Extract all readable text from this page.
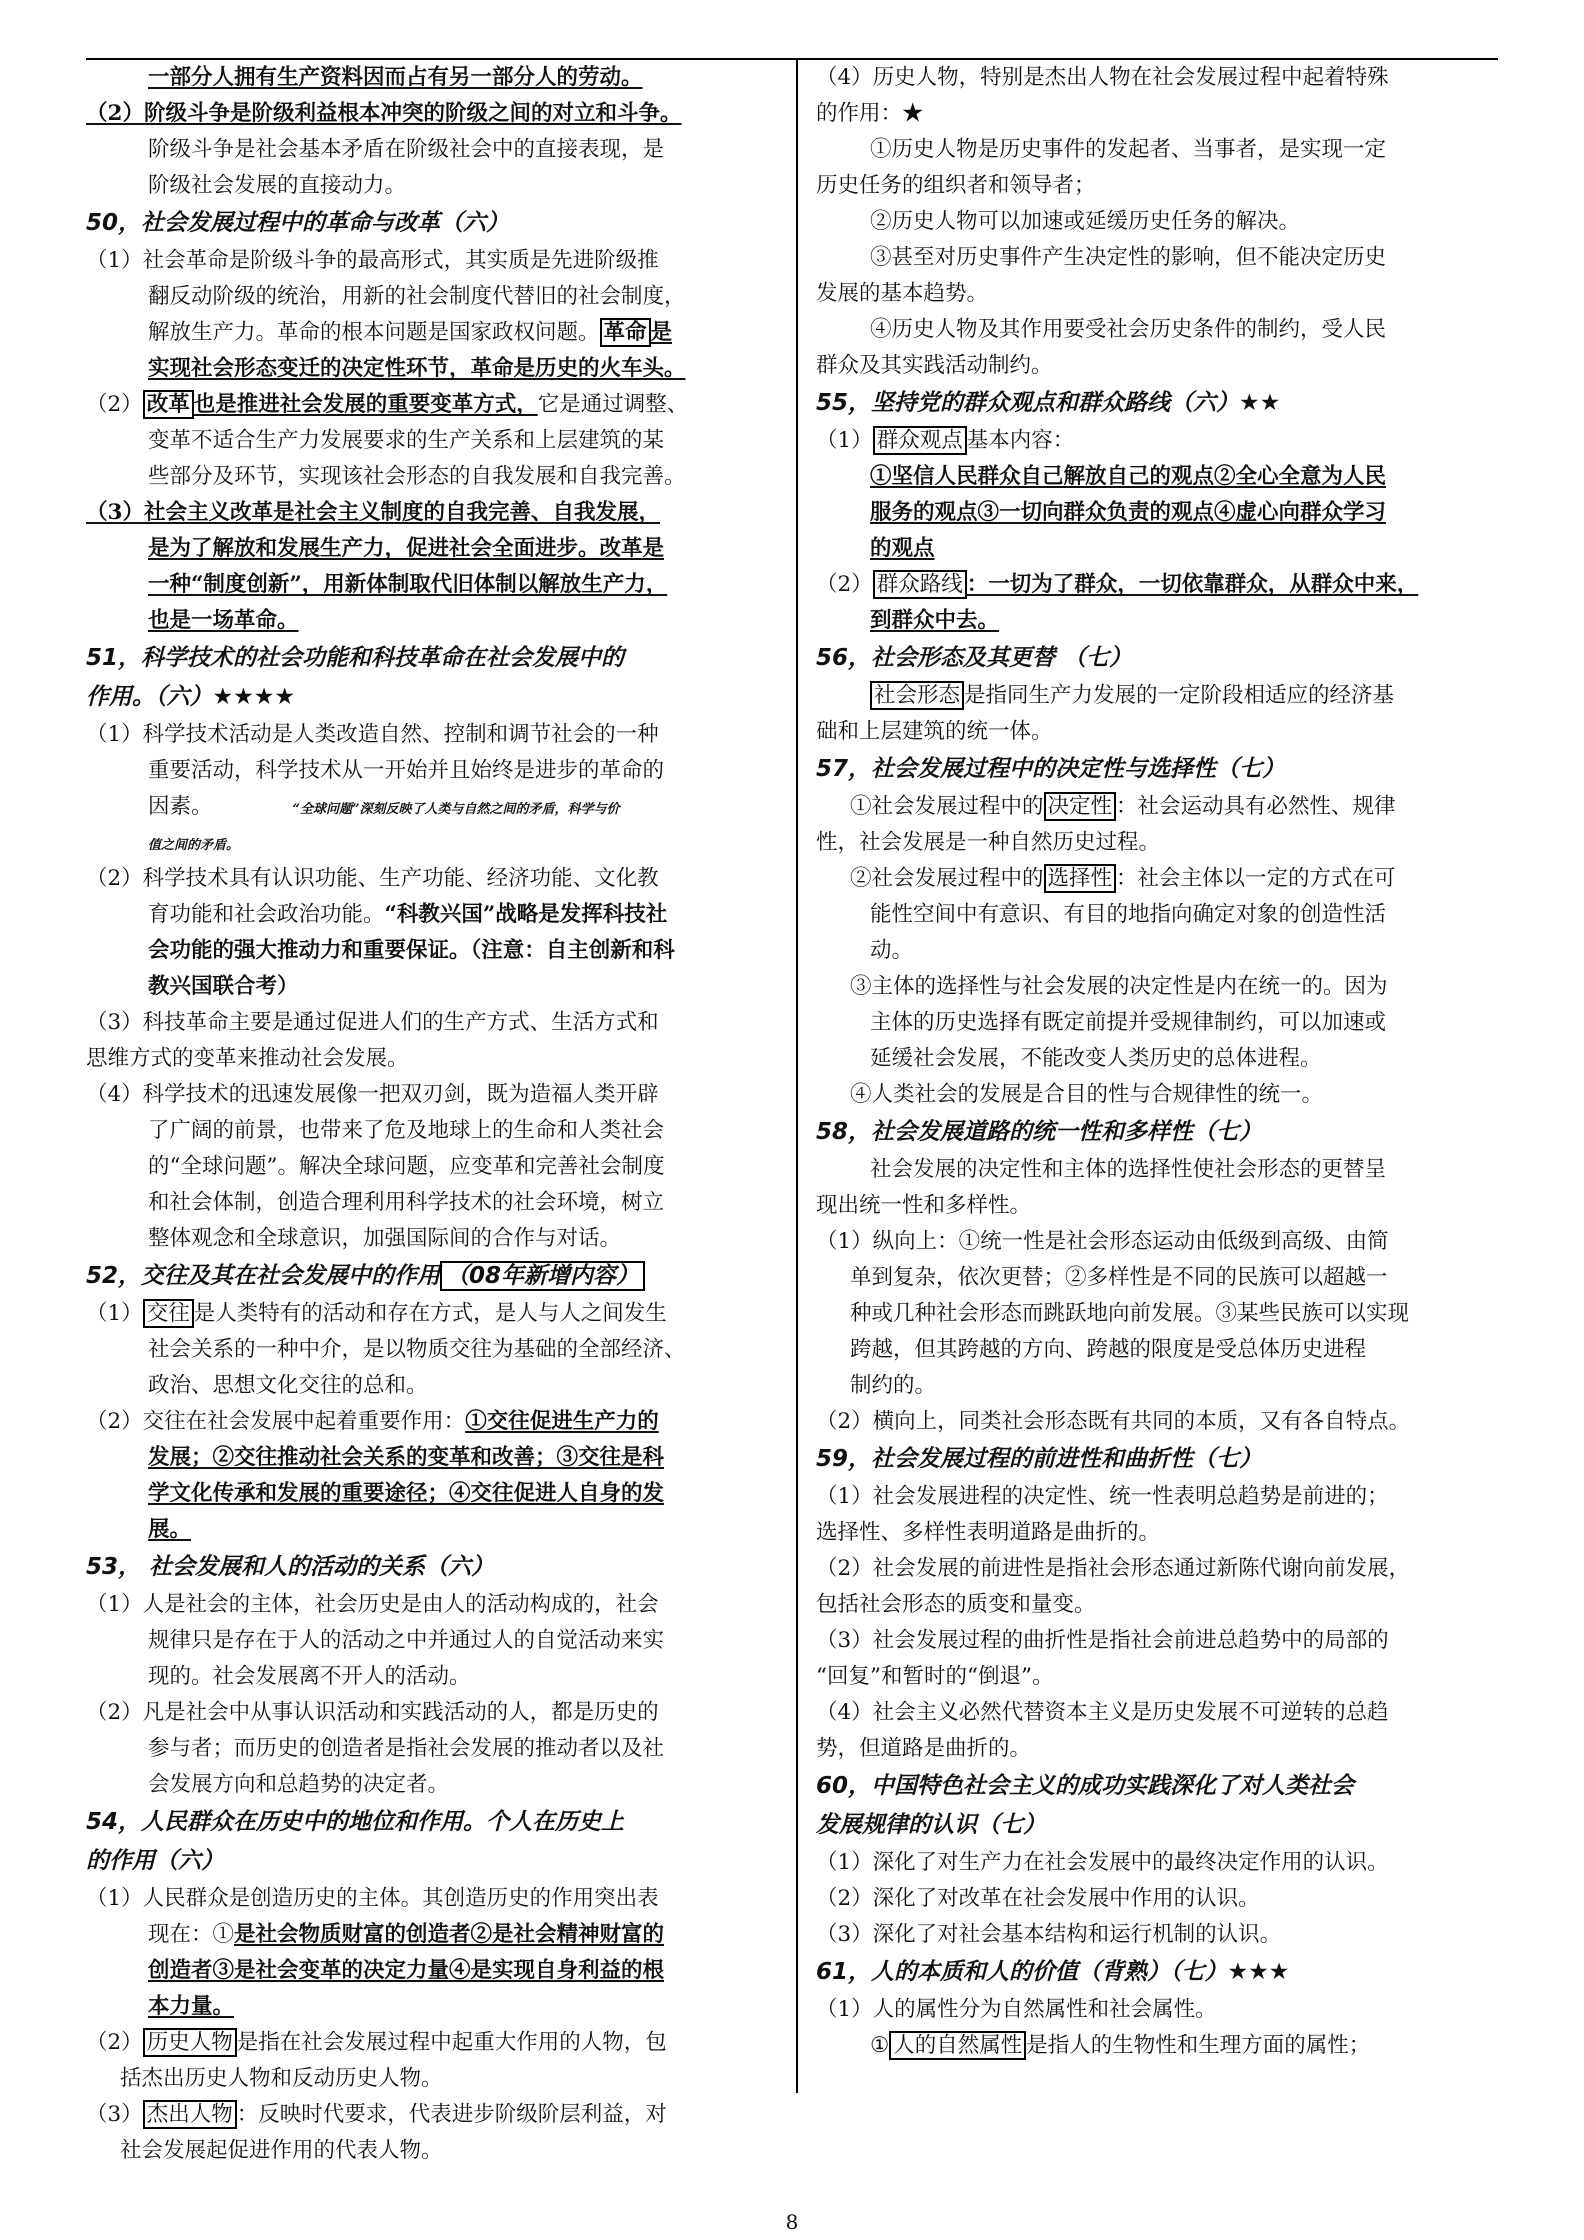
一部分人拥有生产资料因而占有另一部分人的劳动。
（2）阶级斗争是阶级利益根本冲突的阶级之间的对立和斗争。
阶级斗争是社会基本矛盾在阶级社会中的直接表现，是
阶级社会发展的直接动力。
50，社会发展过程中的革命与改革（六）
（1）社会革命是阶级斗争的最高形式，其实质是先进阶级推
翻反动阶级的统治，用新的社会制度代替旧的社会制度，
解放生产力。革命的根本问题是国家政权问题。 革命 是
实现社会形态变迁的决定性环节，革命是历史的火车头。
（2） 改革 也是推进社会发展的重要变革方式，它是通过调整、
变革不适合生产力发展要求的生产关系和上层建筑的某
些部分及环节，实现该社会形态的自我发展和自我完善。
（3）社会主义改革是社会主义制度的自我完善、自我发展，
是为了解放和发展生产力，促进社会全面进步。改革是
一种“制度创新”，用新体制取代旧体制以解放生产力，
也是一场革命。
51，科学技术的社会功能和科技革命在社会发展中的
作用。（六）★★★★
（1）科学技术活动是人类改造自然、控制和调节社会的一种
重要活动，科学技术从一开始并且始终是进步的革命的
因素。	“全球问题”深刻反映了人类与自然之间的矛盾，科学与价
值之间的矛盾。
（2）科学技术具有认识功能、生产功能、经济功能、文化教
育功能和社会政治功能。“科教兴国”战略是发挥科技社
会功能的强大推动力和重要保证。（注意：自主创新和科
教兴国联合考）
（3）科技革命主要是通过促进人们的生产方式、生活方式和
思维方式的变革来推动社会发展。
（4）科学技术的迅速发展像一把双刃剑，既为造福人类开辟
了广阔的前景，也带来了危及地球上的生命和人类社会
的“全球问题”。解决全球问题，应变革和完善社会制度
和社会体制，创造合理利用科学技术的社会环境，树立
整体观念和全球意识，加强国际间的合作与对话。
52，交往及其在社会发展中的作用 （08年新增内容）
（1） 交往 是人类特有的活动和存在方式，是人与人之间发生
社会关系的一种中介，是以物质交往为基础的全部经济、
政治、思想文化交往的总和。
（2）交往在社会发展中起着重要作用：①交往促进生产力的
发展；②交往推动社会关系的变革和改善；③交往是科
学文化传承和发展的重要途径；④交往促进人自身的发
展。
53， 社会发展和人的活动的关系（六）
（1）人是社会的主体，社会历史是由人的活动构成的，社会
规律只是存在于人的活动之中并通过人的自觉活动来实
现的。社会发展离不开人的活动。
（2）凡是社会中从事认识活动和实践活动的人，都是历史的
参与者；而历史的创造者是指社会发展的推动者以及社
会发展方向和总趋势的决定者。
54，人民群众在历史中的地位和作用。个人在历史上
的作用（六）
（1）人民群众是创造历史的主体。其创造历史的作用突出表
现在：①是社会物质财富的创造者②是社会精神财富的
创造者③是社会变革的决定力量④是实现自身利益的根
本力量。
（2） 历史人物 是指在社会发展过程中起重大作用的人物，包
括杰出历史人物和反动历史人物。
（3） 杰出人物 ：反映时代要求，代表进步阶级阶层利益，对
社会发展起促进作用的代表人物。
（4）历史人物，特别是杰出人物在社会发展过程中起着特殊
的作用：★
①历史人物是历史事件的发起者、当事者，是实现一定
历史任务的组织者和领导者；
②历史人物可以加速或延缓历史任务的解决。
③甚至对历史事件产生决定性的影响，但不能决定历史
发展的基本趋势。
④历史人物及其作用要受社会历史条件的制约，受人民
群众及其实践活动制约。
55，坚持党的群众观点和群众路线（六）★★
（1） 群众观点 基本内容：
①坚信人民群众自己解放自己的观点②全心全意为人民
服务的观点③一切向群众负责的观点④虚心向群众学习
的观点
（2） 群众路线 ：一切为了群众，一切依靠群众，从群众中来，
到群众中去。
56，社会形态及其更替 （七）
社会形态 是指同生产力发展的一定阶段相适应的经济基
础和上层建筑的统一体。
57，社会发展过程中的决定性与选择性（七）
①社会发展过程中的 决定性 ：社会运动具有必然性、规律
性，社会发展是一种自然历史过程。
②社会发展过程中的 选择性 ：社会主体以一定的方式在可
能性空间中有意识、有目的地指向确定对象的创造性活
动。
③主体的选择性与社会发展的决定性是内在统一的。因为
主体的历史选择有既定前提并受规律制约，可以加速或
延缓社会发展，不能改变人类历史的总体进程。
④人类社会的发展是合目的性与合规律性的统一。
58，社会发展道路的统一性和多样性（七）
社会发展的决定性和主体的选择性使社会形态的更替呈
现出统一性和多样性。
（1）纵向上：①统一性是社会形态运动由低级到高级、由简
单到复杂，依次更替；②多样性是不同的民族可以超越一
种或几种社会形态而跳跃地向前发展。③某些民族可以实现
跨越，但其跨越的方向、跨越的限度是受总体历史进程
制约的。
（2）横向上，同类社会形态既有共同的本质，又有各自特点。
59，社会发展过程的前进性和曲折性（七）
（1）社会发展进程的决定性、统一性表明总趋势是前进的；
选择性、多样性表明道路是曲折的。
（2）社会发展的前进性是指社会形态通过新陈代谢向前发展，
包括社会形态的质变和量变。
（3）社会发展过程的曲折性是指社会前进总趋势中的局部的
“回复”和暂时的“倒退”。
（4）社会主义必然代替资本主义是历史发展不可逆转的总趋
势，但道路是曲折的。
60，中国特色社会主义的成功实践深化了对人类社会
发展规律的认识（七）
（1）深化了对生产力在社会发展中的最终决定作用的认识。
（2）深化了对改革在社会发展中作用的认识。
（3）深化了对社会基本结构和运行机制的认识。
61，人的本质和人的价值（背熟）（七）★★★
（1）人的属性分为自然属性和社会属性。
① 人的自然属性 是指人的生物性和生理方面的属性；
8
